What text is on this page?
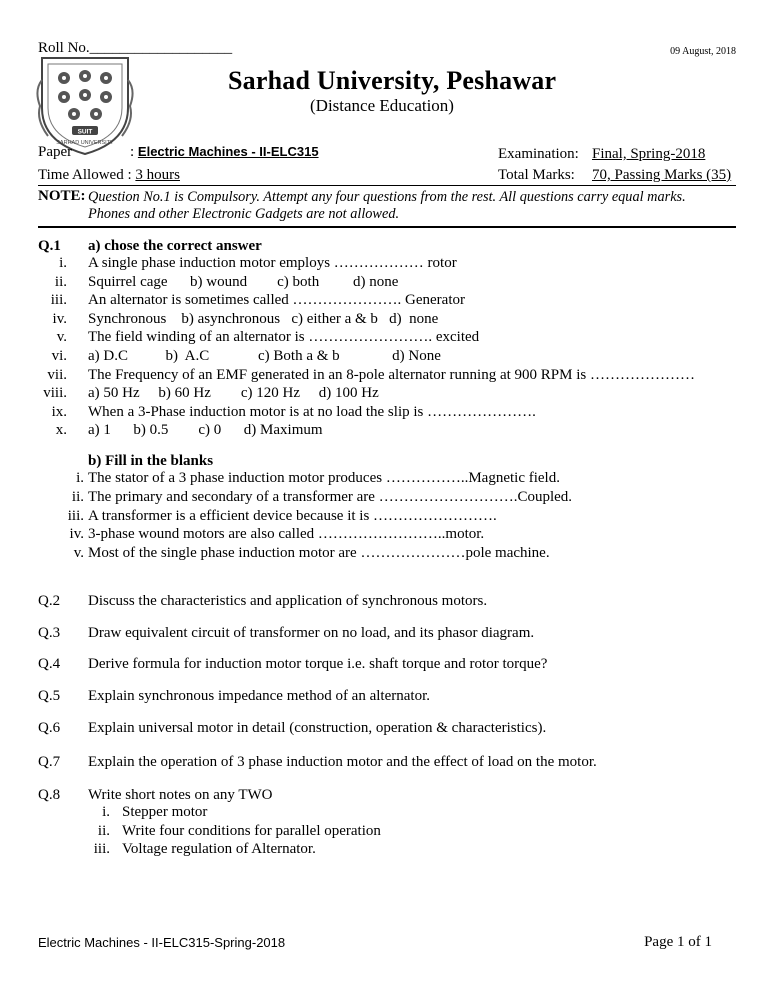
Roll No.___________________	09 August, 2018
SUIT
SARHAD UNIVERSITY
Sarhad University, Peshawar
(Distance Education)
Paper	: Electric Machines - II-ELC315	Examination: Final, Spring-2018
Time Allowed : 3 hours	Total Marks: 70, Passing Marks (35)
NOTE: Question No.1 is Compulsory. Attempt any four questions from the rest. All questions carry equal marks.
Phones and other Electronic Gadgets are not allowed.
Q.1 a) chose the correct answer
i. A single phase induction motor employs ……………… rotor
ii. Squirrel cage      b) wound        c) both         d) none
iii. An alternator is sometimes called …………………. Generator
iv. Synchronous    b) asynchronous   c) either a & b   d)  none
v. The field winding of an alternator is ……………………. excited
vi. a) D.C          b)  A.C             c) Both a & b              d) None
vii. The Frequency of an EMF generated in an 8-pole alternator running at 900 RPM is …………………
viii. a) 50 Hz     b) 60 Hz        c) 120 Hz     d) 100 Hz
ix. When a 3-Phase induction motor is at no load the slip is ………………….
x. a) 1      b) 0.5        c) 0      d) Maximum
b) Fill in the blanks
i. The stator of a 3 phase induction motor produces ……………..Magnetic field.
ii. The primary and secondary of a transformer are ……………………….Coupled.
iii. A transformer is a efficient device because it is …………………….
iv. 3-phase wound motors are also called ……………………..motor.
v. Most of the single phase induction motor are …………………pole machine.
Q.2 Discuss the characteristics and application of synchronous motors.
Q.3 Draw equivalent circuit of transformer on no load, and its phasor diagram.
Q.4 Derive formula for induction motor torque i.e. shaft torque and rotor torque?
Q.5 Explain synchronous impedance method of an alternator.
Q.6 Explain universal motor in detail (construction, operation & characteristics).
Q.7 Explain the operation of 3 phase induction motor and the effect of load on the motor.
Q.8 Write short notes on any TWO
i. Stepper motor
ii. Write four conditions for parallel operation
iii. Voltage regulation of Alternator.
Electric Machines - II-ELC315-Spring-2018	Page 1 of 1
